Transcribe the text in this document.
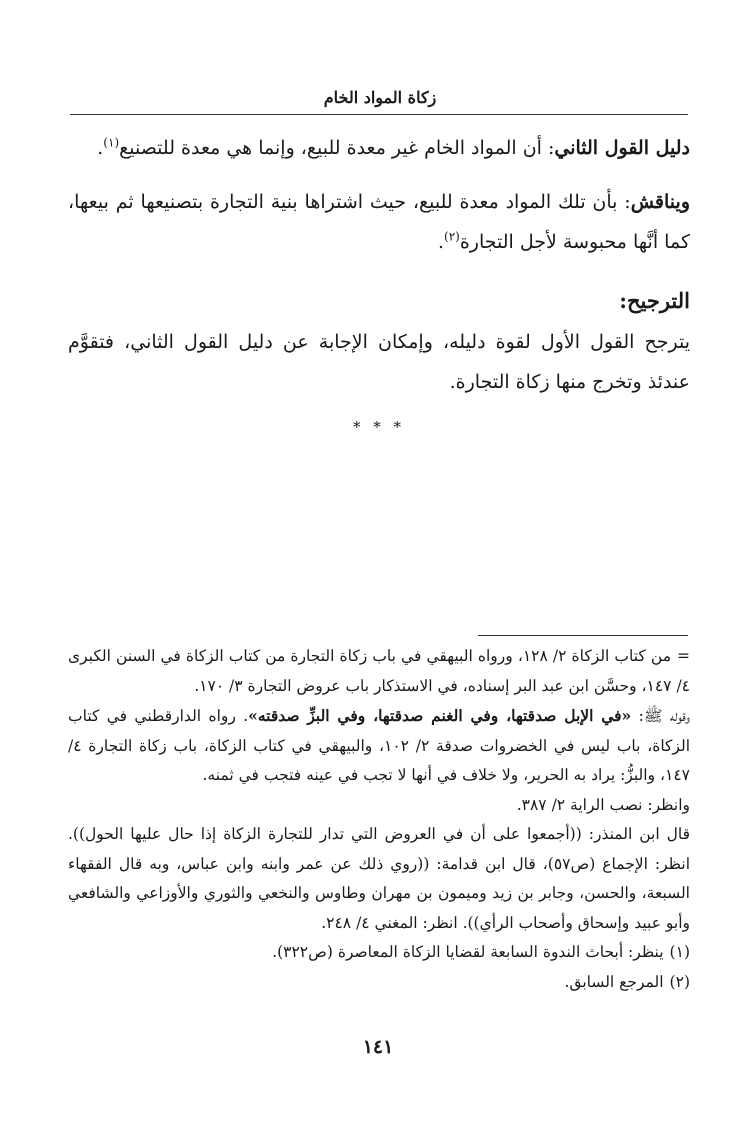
زكاة المواد الخام

دليل القول الثاني: أن المواد الخام غير معدة للبيع، وإنما هي معدة للتصنيع$^{(١)}$.

ويناقش: بأن تلك المواد معدة للبيع، حيث اشتراها بنية التجارة بتصنيعها ثم بيعها، كما أنَّها محبوسة لأجل التجارة$^{(٢)}$.

الترجيح:

يترجح القول الأول لقوة دليله، وإمكان الإجابة عن دليل القول الثاني، فتقوَّم عندئذ وتخرج منها زكاة التجارة.

* * *

=من كتاب الزكاة ٢/ ١٢٨، ورواه البيهقي في باب زكاة التجارة من كتاب الزكاة في السنن الكبرى ٤/ ١٤٧، وحسَّن ابن عبد البر إسناده، في الاستذكار باب عروض التجارة ٣/ ١٧٠.

وقوله ﷺ: «في الإبل صدقتها، وفي الغنم صدقتها، وفي البزِّ صدقته». رواه الدارقطني في كتاب الزكاة، باب ليس في الخضروات صدقة ٢/ ١٠٢، والبيهقي في كتاب الزكاة، باب زكاة التجارة ٤/ ١٤٧، والبزُّ: يراد به الحرير، ولا خلاف في أنها لا تجب في عينه فتجب في ثمنه.

وانظر: نصب الراية ٢/ ٣٨٧.

قال ابن المنذر: ((أجمعوا على أن في العروض التي تدار للتجارة الزكاة إذا حال عليها الحول)). انظر: الإجماع (ص٥٧)، قال ابن قدامة: ((روي ذلك عن عمر وابنه وابن عباس، وبه قال الفقهاء السبعة، والحسن، وجابر بن زيد وميمون بن مهران وطاوس والنخعي والثوري والأوزاعي والشافعي وأبو عبيد وإسحاق وأصحاب الرأي)). انظر: المغني ٤/ ٢٤٨.

(١)ينظر: أبحاث الندوة السابعة لقضايا الزكاة المعاصرة (ص٣٢٢).

(٢)المرجع السابق.

١٤١
